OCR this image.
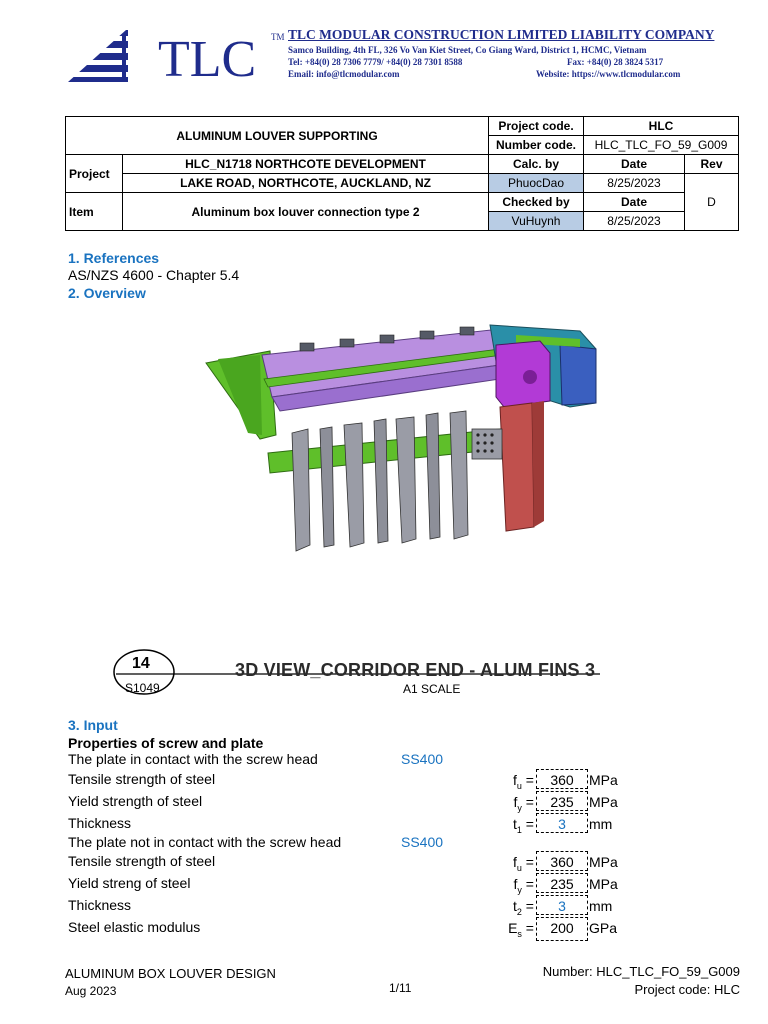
TLC TM TLC MODULAR CONSTRUCTION LIMITED LIABILITY COMPANY
Samco Building, 4th FL, 326 Vo Van Kiet Street, Co Giang Ward, District 1, HCMC, Vietnam
Tel: +84(0) 28 7306 7779/ +84(0) 28 7301 8588	Fax: +84(0) 28 3824 5317
Email: info@tlcmodular.com	Website: https://www.tlcmodular.com
ALUMINUM LOUVER SUPPORTING		Project code.	HLC	
		Number code.	HLC_TLC_FO_59_G009	
Project	HLC_N1718 NORTHCOTE DEVELOPMENT	Calc. by	Date	Rev
	LAKE ROAD, NORTHCOTE, AUCKLAND, NZ	PhuocDao	8/25/2023	D
Item	Aluminum box louver connection type 2	Checked by	Date	
		VuHuynh	8/25/2023	
1. References
AS/NZS 4600 - Chapter 5.4
2. Overview
14
S1049
3D VIEW_CORRIDOR END - ALUM FINS 3
A1 SCALE
3. Input
Properties of screw and plate
The plate in contact with the screw head	SS400
Tensile strength of steel	$f_u$ =	360	MPa
Yield strength of steel	$f_y$ =	235	MPa
Thickness	$t_1$ =	3	mm
The plate not in contact with the screw head	SS400
Tensile strength of steel	$f_u$ =	360	MPa
Yield streng of steel	$f_y$ =	235	MPa
Thickness	$t_2$ =	3	mm
Steel elastic modulus	$E_s$ =	200	GPa
ALUMINUM BOX LOUVER DESIGN
Aug 2023	1/11
Number: HLC_TLC_FO_59_G009
Project code: HLC
